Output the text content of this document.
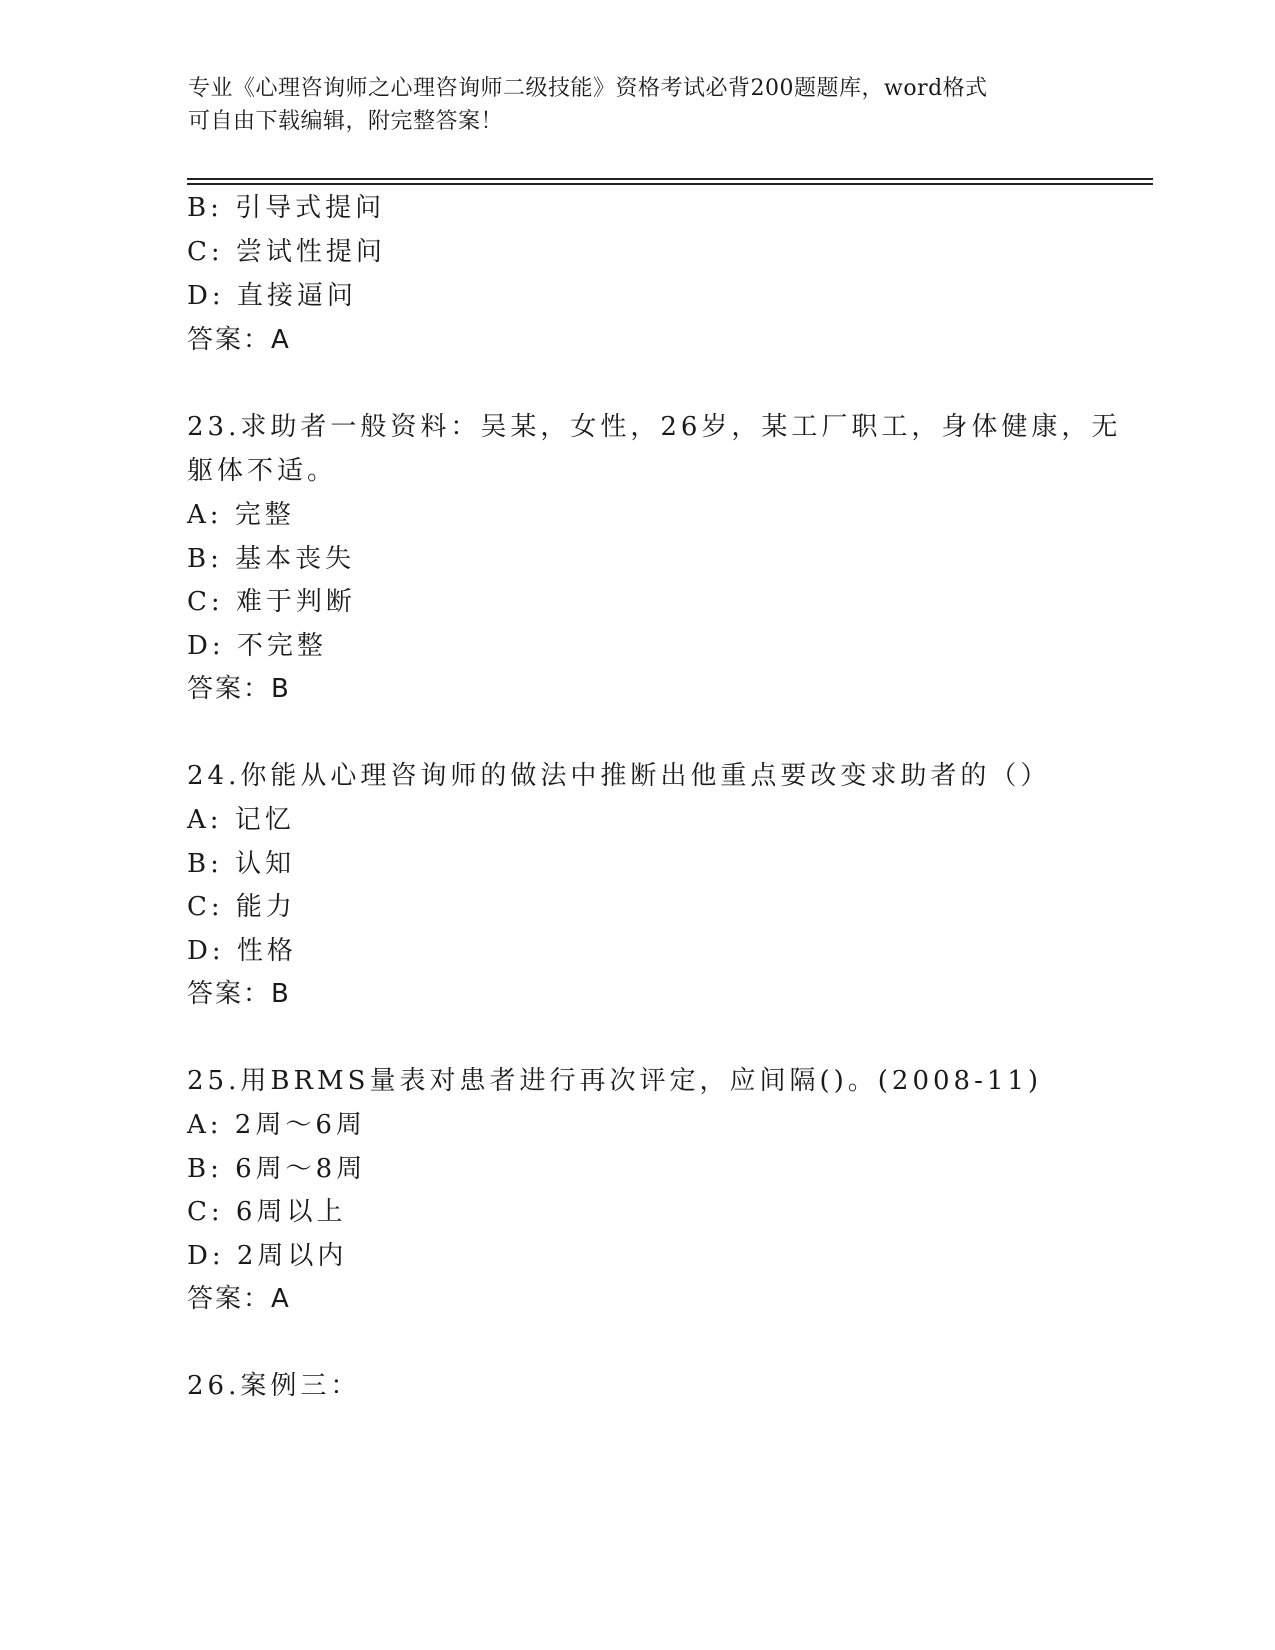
专业《心理咨询师之心理咨询师二级技能》资格考试必背200题题库，word格式
可自由下载编辑，附完整答案！
B: 引导式提问
C: 尝试性提问
D: 直接逼问
答案：A
23.求助者一般资料：吴某，女性，26岁，某工厂职工，身体健康，无
躯体不适。
A: 完整
B: 基本丧失
C: 难于判断
D: 不完整
答案：B
24.你能从心理咨询师的做法中推断出他重点要改变求助者的（）
A: 记忆
B: 认知
C: 能力
D: 性格
答案：B
25.用BRMS量表对患者进行再次评定，应间隔()。(2008-11)
A: 2周～6周
B: 6周～8周
C: 6周以上
D: 2周以内
答案：A
26.案例三：
